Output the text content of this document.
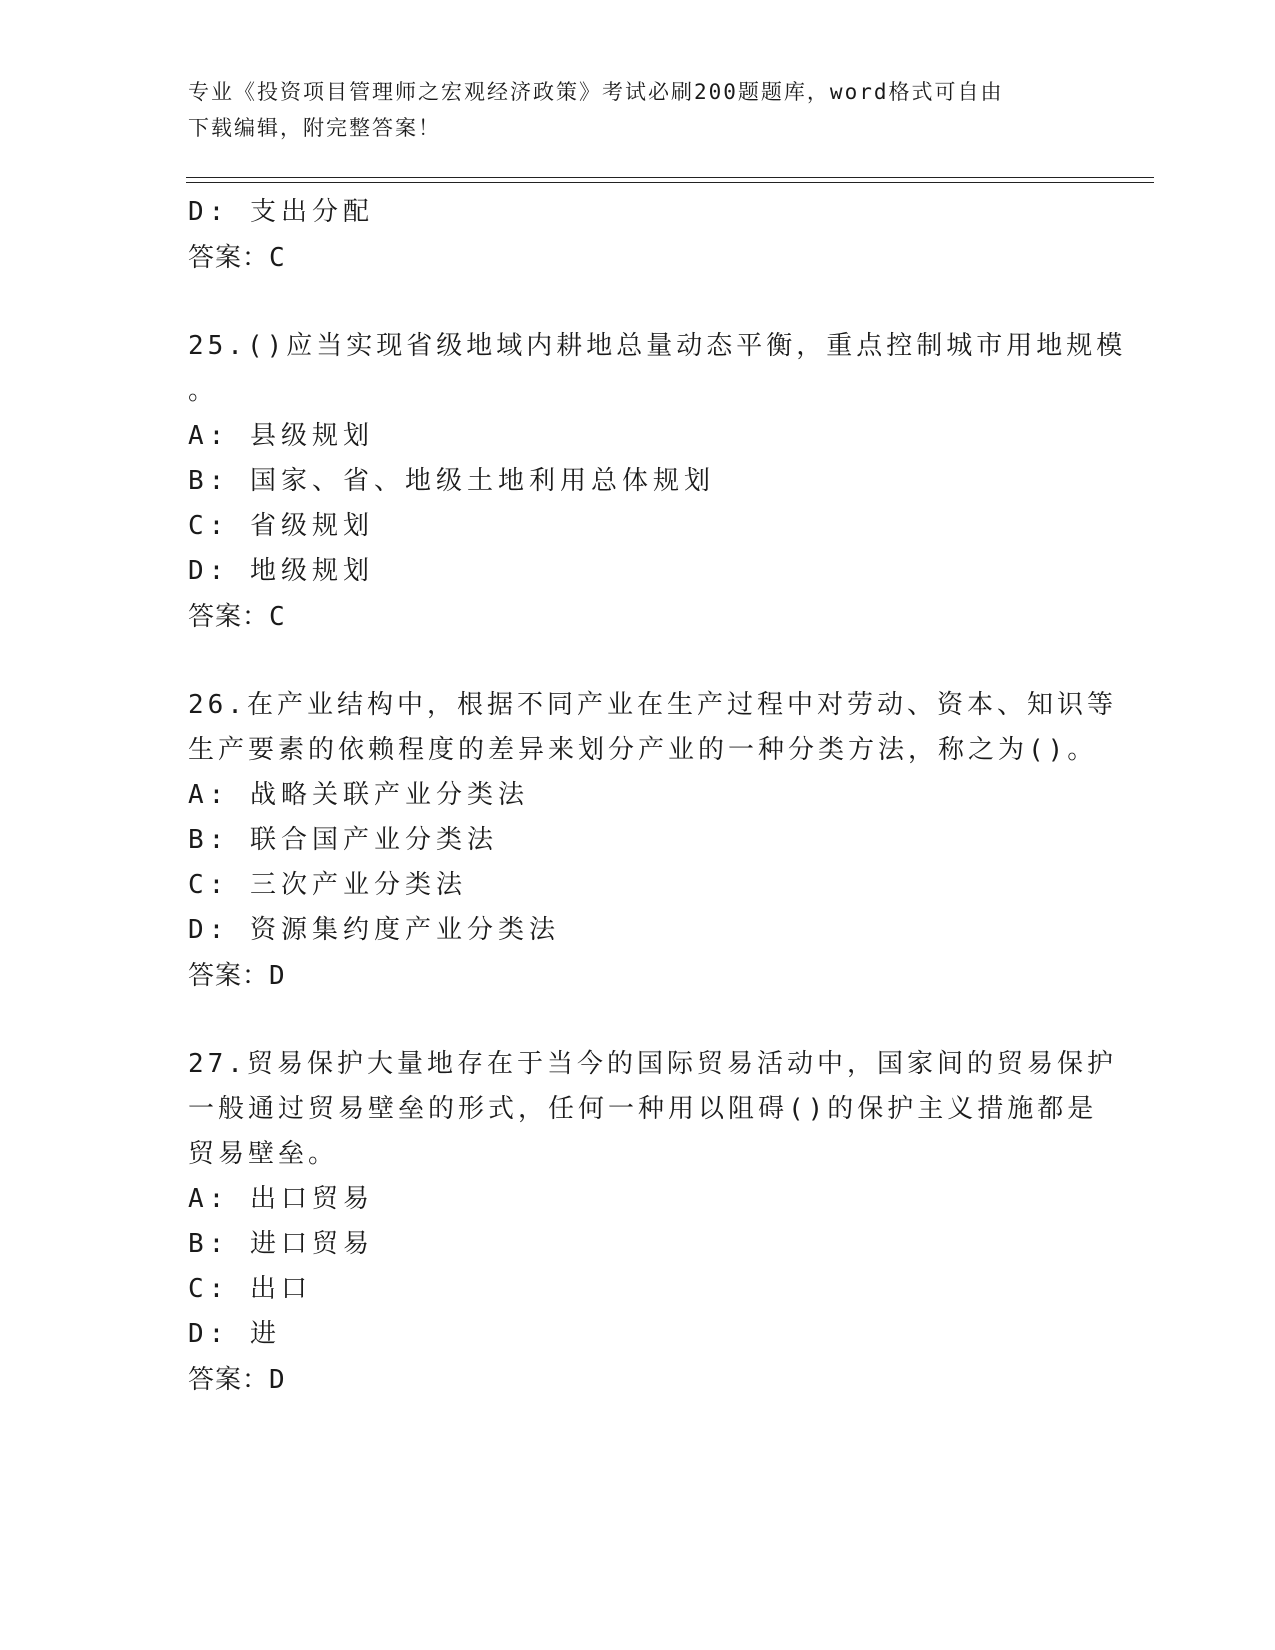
专业《投资项目管理师之宏观经济政策》考试必刷200题题库，word格式可自由
下载编辑，附完整答案！
D: 支出分配
答案：C
25.()应当实现省级地域内耕地总量动态平衡，重点控制城市用地规模
。
A: 县级规划
B: 国家、省、地级土地利用总体规划
C: 省级规划
D: 地级规划
答案：C
26.在产业结构中，根据不同产业在生产过程中对劳动、资本、知识等
生产要素的依赖程度的差异来划分产业的一种分类方法，称之为()。
A: 战略关联产业分类法
B: 联合国产业分类法
C: 三次产业分类法
D: 资源集约度产业分类法
答案：D
27.贸易保护大量地存在于当今的国际贸易活动中，国家间的贸易保护
一般通过贸易壁垒的形式，任何一种用以阻碍()的保护主义措施都是
贸易壁垒。
A: 出口贸易
B: 进口贸易
C: 出口
D: 进
答案：D
